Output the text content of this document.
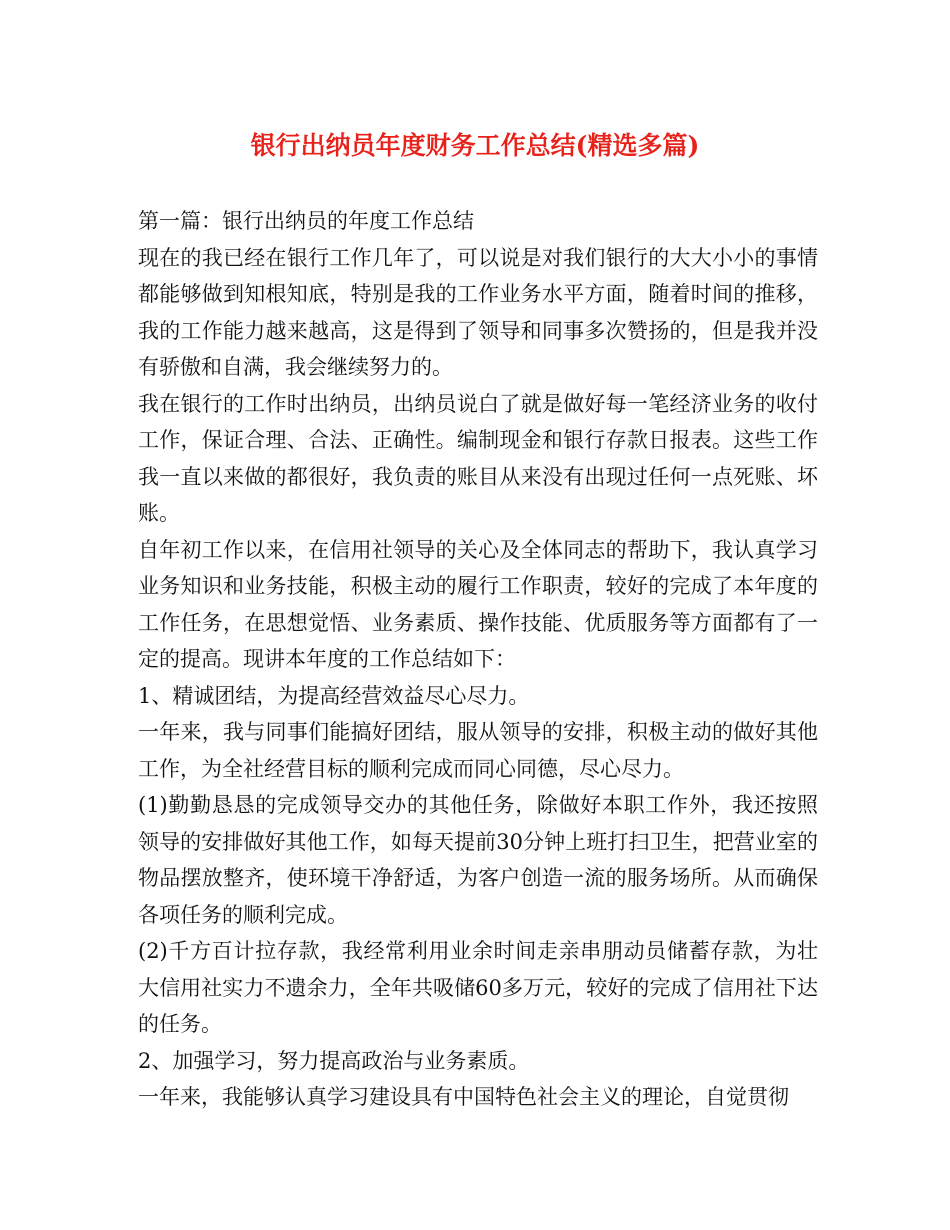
银行出纳员年度财务工作总结(精选多篇)

第一篇：银行出纳员的年度工作总结

现在的我已经在银行工作几年了，可以说是对我们银行的大大小小的事情都能够做到知根知底，特别是我的工作业务水平方面，随着时间的推移，我的工作能力越来越高，这是得到了领导和同事多次赞扬的，但是我并没有骄傲和自满，我会继续努力的。

我在银行的工作时出纳员，出纳员说白了就是做好每一笔经济业务的收付工作，保证合理、合法、正确性。编制现金和银行存款日报表。这些工作我一直以来做的都很好，我负责的账目从来没有出现过任何一点死账、坏账。

自年初工作以来，在信用社领导的关心及全体同志的帮助下，我认真学习业务知识和业务技能，积极主动的履行工作职责，较好的完成了本年度的工作任务，在思想觉悟、业务素质、操作技能、优质服务等方面都有了一定的提高。现讲本年度的工作总结如下：

1、精诚团结，为提高经营效益尽心尽力。

一年来，我与同事们能搞好团结，服从领导的安排，积极主动的做好其他工作，为全社经营目标的顺利完成而同心同德，尽心尽力。

(1)勤勤恳恳的完成领导交办的其他任务，除做好本职工作外，我还按照领导的安排做好其他工作，如每天提前30分钟上班打扫卫生，把营业室的物品摆放整齐，使环境干净舒适，为客户创造一流的服务场所。从而确保各项任务的顺利完成。

(2)千方百计拉存款，我经常利用业余时间走亲串朋动员储蓄存款，为壮大信用社实力不遗余力，全年共吸储60多万元，较好的完成了信用社下达的任务。

2、加强学习，努力提高政治与业务素质。

一年来，我能够认真学习建设具有中国特色社会主义的理论，自觉贯彻
